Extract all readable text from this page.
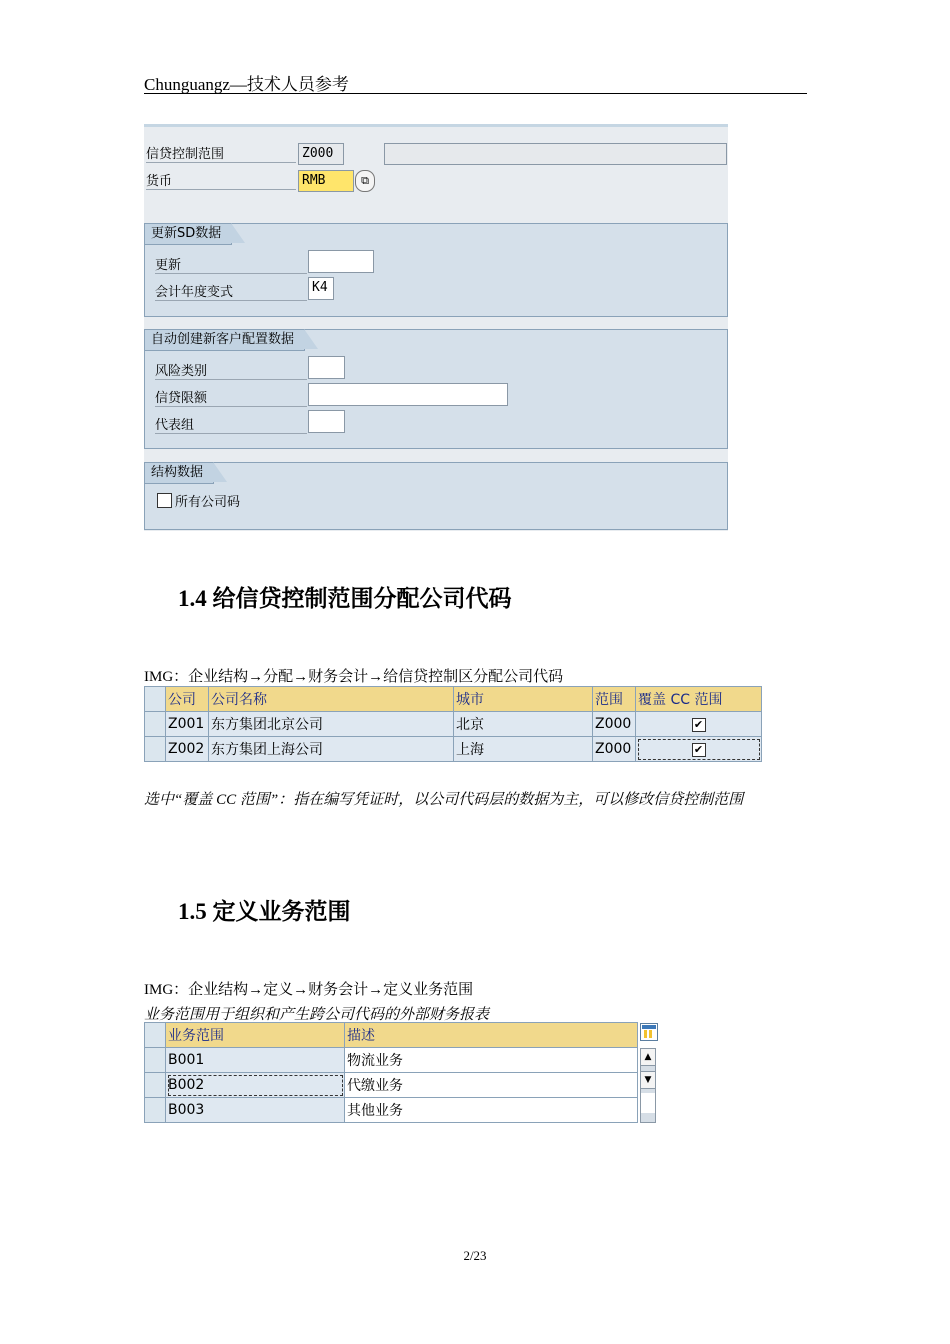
Chunguangz—技术人员参考
信贷控制范围	Z000
货币	RMB	⧉
更新SD数据
更新
会计年度变式	K4
自动创建新客户配置数据
风险类别
信贷限额
代表组
结构数据
所有公司码
1.4 给信贷控制范围分配公司代码
IMG：企业结构→分配→财务会计→给信贷控制区分配公司代码
	公司	公司名称	城市	范围	覆盖 CC 范围
	Z001	东方集团北京公司	北京	Z000	✔
	Z002	东方集团上海公司	上海	Z000	✔
选中“覆盖 CC 范围”：指在编写凭证时，以公司代码层的数据为主，可以修改信贷控制范围
1.5 定义业务范围
IMG：企业结构→定义→财务会计→定义业务范围
业务范围用于组织和产生跨公司代码的外部财务报表
	业务范围	描述
	B001	物流业务
	B002	代缴业务
	B003	其他业务
▲
▼
2/23
